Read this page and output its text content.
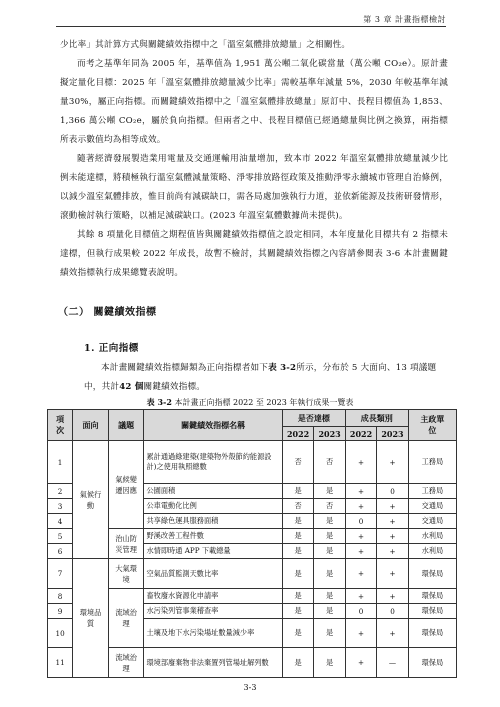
第 3 章 計畫指標檢討

少比率」其計算方式與關鍵績效指標中之「溫室氣體排放總量」之相關性。

而考之基準年同為 2005 年，基準值為 1,951 萬公噸二氧化碳當量（萬公噸 CO₂e）。原計畫擬定量化目標：2025 年「溫室氣體排放總量減少比率」需較基準年減量 5%，2030 年較基準年減量30%，屬正向指標。而關鍵績效指標中之「溫室氣體排放總量」原訂中、長程目標值為 1,853、1,366 萬公噸 CO₂e，屬於負向指標。但兩者之中、長程目標值已經過總量與比例之換算，兩指標所表示數值均為相等成效。

隨著經濟發展製造業用電量及交通運輸用油量增加，致本市 2022 年溫室氣體排放總量減少比例未能達標，將積極執行溫室氣體減量策略、淨零排放路徑政策及推動淨零永續城市管理自治條例，以減少溫室氣體排放，惟目前尚有減碳缺口，需各局處加強執行力道，並依新能源及技術研發情形，滾動檢討執行策略，以補足減碳缺口。(2023 年溫室氣體數據尚未提供)。

其餘 8 項量化目標值之期程值皆與關鍵績效指標值之設定相同，本年度量化目標共有 2 指標未達標，但執行成果較 2022 年成長，故暫不檢討，其關鍵績效指標之內容請參閱表 3-6 本計畫關鍵績效指標執行成果總覽表說明。

（二） 關鍵績效指標
1. 正向指標
本計畫關鍵績效指標歸類為正向指標者如下表 3-2所示，分布於 5 大面向、13 項議題中，共計42 個關鍵績效指標。
表 3-2 本計畫正向指標 2022 至 2023 年執行成果一覽表
項次	面向	議題	關鍵績效指標名稱	是否達標		成長類別		主政單位
				2022	2023	2022	2023	
1	氣候行動	氣候變遷因應	累計通過綠建築(建築物外殼節約能源設計)之使用執照總數	否	否	+	+	工務局
2			公園面積	是	是	+	0	工務局
3			公車電動化比例	否	否	+	+	交通局
4			共享綠色運具服務面積	是	是	0	+	交通局
5		治山防災管理	野溪改善工程件數	是	是	+	+	水利局
6			水情即時通 APP 下載總量	是	是	+	+	水利局
7	環境品質	大氣環境	空氣品質監測天數比率	是	是	+	+	環保局
8		流域治理	畜牧廢水資源化申請率	是	是	+	+	環保局
9			水污染列管事業稽查率	是	是	0	0	環保局
10			土壤及地下水污染場址數量減少率	是	是	+	+	環保局
11		流域治理	環境部廢棄物非法棄置列管場址解列數	是	是	+	—	環保局
3-3
